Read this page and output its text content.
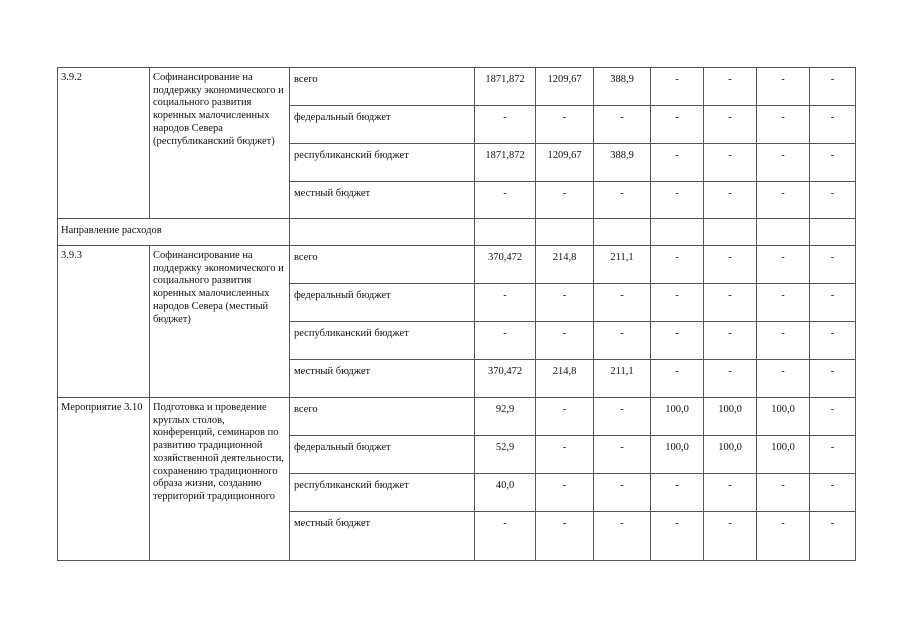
3.9.2	Софинансирование на поддержку экономического и социального развития коренных малочисленных народов Севера (республиканский бюджет)	всего	1871,872	1209,67	388,9	-	-	-	-
		федеральный бюджет	-	-	-	-	-	-	-
		республиканский бюджет	1871,872	1209,67	388,9	-	-	-	-
		местный бюджет	-	-	-	-	-	-	-
Направление расходов									
3.9.3	Софинансирование на поддержку экономического и социального развития коренных малочисленных народов Севера (местный бюджет)	всего	370,472	214,8	211,1	-	-	-	-
		федеральный бюджет	-	-	-	-	-	-	-
		республиканский бюджет	-	-	-	-	-	-	-
		местный бюджет	370,472	214,8	211,1	-	-	-	-
Мероприятие 3.10	Подготовка и проведение круглых столов, конференций, семинаров по развитию традиционной хозяйственной деятельности, сохранению традиционного образа жизни, созданию территорий традиционного	всего	92,9	-	-	100,0	100,0	100,0	-
		федеральный бюджет	52,9	-	-	100,0	100,0	100,0	-
		республиканский бюджет	40,0	-	-	-	-	-	-
		местный бюджет	-	-	-	-	-	-	-
